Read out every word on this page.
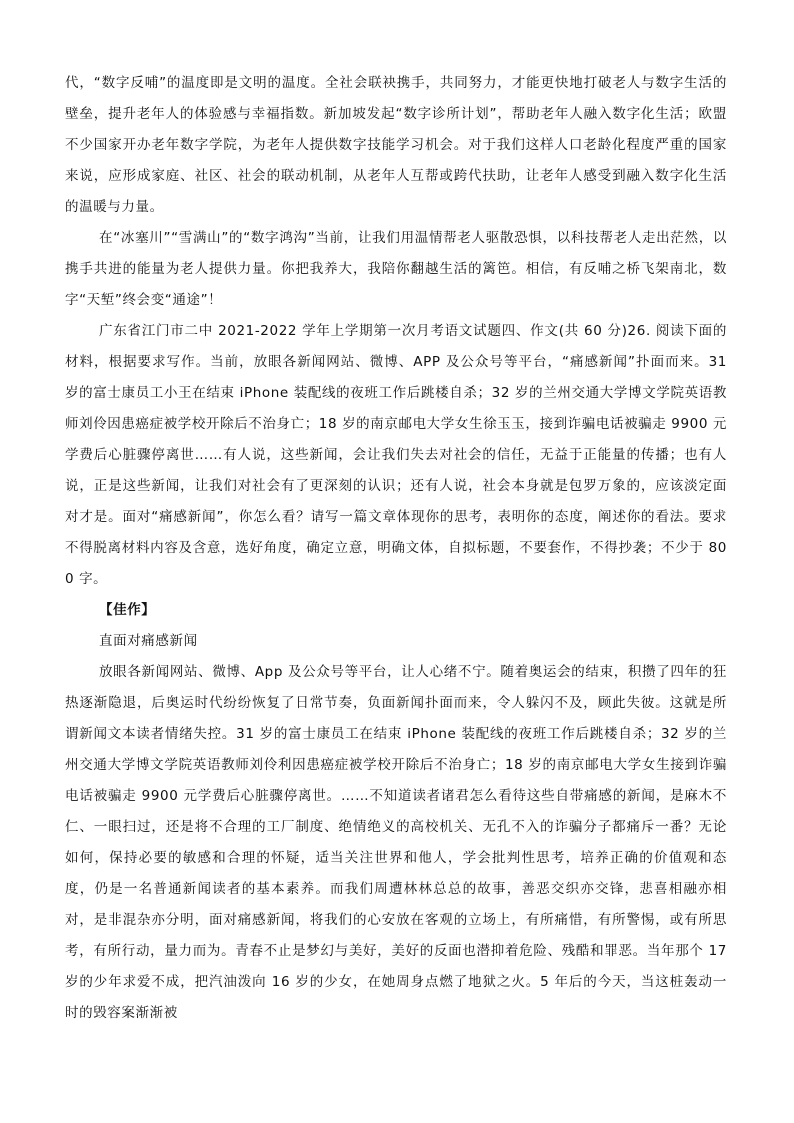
代，“数字反哺”的温度即是文明的温度。全社会联袂携手，共同努力，才能更快地打破老人与数字生活的壁垒，提升老年人的体验感与幸福指数。新加坡发起“数字诊所计划”，帮助老年人融入数字化生活；欧盟不少国家开办老年数字学院，为老年人提供数字技能学习机会。对于我们这样人口老龄化程度严重的国家来说，应形成家庭、社区、社会的联动机制，从老年人互帮或跨代扶助，让老年人感受到融入数字化生活的温暖与力量。

在“冰塞川”“雪满山”的“数字鸿沟”当前，让我们用温情帮老人驱散恐惧，以科技帮老人走出茫然，以携手共进的能量为老人提供力量。你把我养大，我陪你翻越生活的篱笆。相信，有反哺之桥飞架南北，数字“天堑”终会变“通途”！

广东省江门市二中 2021-2022 学年上学期第一次月考语文试题四、作文(共 60 分)26. 阅读下面的材料，根据要求写作。当前，放眼各新闻网站、微博、APP 及公众号等平台，“痛感新闻”扑面而来。31 岁的富士康员工小王在结束 iPhone 装配线的夜班工作后跳楼自杀；32 岁的兰州交通大学博文学院英语教师刘伶因患癌症被学校开除后不治身亡；18 岁的南京邮电大学女生徐玉玉，接到诈骗电话被骗走 9900 元学费后心脏骤停离世……有人说，这些新闻，会让我们失去对社会的信任，无益于正能量的传播；也有人说，正是这些新闻，让我们对社会有了更深刻的认识；还有人说，社会本身就是包罗万象的，应该淡定面对才是。面对“痛感新闻”，你怎么看？请写一篇文章体现你的思考，表明你的态度，阐述你的看法。要求不得脱离材料内容及含意，选好角度，确定立意，明确文体，自拟标题，不要套作，不得抄袭；不少于 800 字。

【佳作】

直面对痛感新闻

放眼各新闻网站、微博、App 及公众号等平台，让人心绪不宁。随着奥运会的结束，积攒了四年的狂热逐渐隐退，后奥运时代纷纷恢复了日常节奏，负面新闻扑面而来，令人躲闪不及，顾此失彼。这就是所谓新闻文本读者情绪失控。31 岁的富士康员工在结束 iPhone 装配线的夜班工作后跳楼自杀；32 岁的兰州交通大学博文学院英语教师刘伶利因患癌症被学校开除后不治身亡；18 岁的南京邮电大学女生接到诈骗电话被骗走 9900 元学费后心脏骤停离世。……不知道读者诸君怎么看待这些自带痛感的新闻，是麻木不仁、一眼扫过，还是将不合理的工厂制度、绝情绝义的高校机关、无孔不入的诈骗分子都痛斥一番？无论如何，保持必要的敏感和合理的怀疑，适当关注世界和他人，学会批判性思考，培养正确的价值观和态度，仍是一名普通新闻读者的基本素养。而我们周遭林林总总的故事，善恶交织亦交锋，悲喜相融亦相对，是非混杂亦分明，面对痛感新闻，将我们的心安放在客观的立场上，有所痛惜，有所警惕，或有所思考，有所行动，量力而为。青春不止是梦幻与美好，美好的反面也潜抑着危险、残酷和罪恶。当年那个 17 岁的少年求爱不成，把汽油泼向 16 岁的少女，在她周身点燃了地狱之火。5 年后的今天，当这桩轰动一时的毁容案渐渐被
